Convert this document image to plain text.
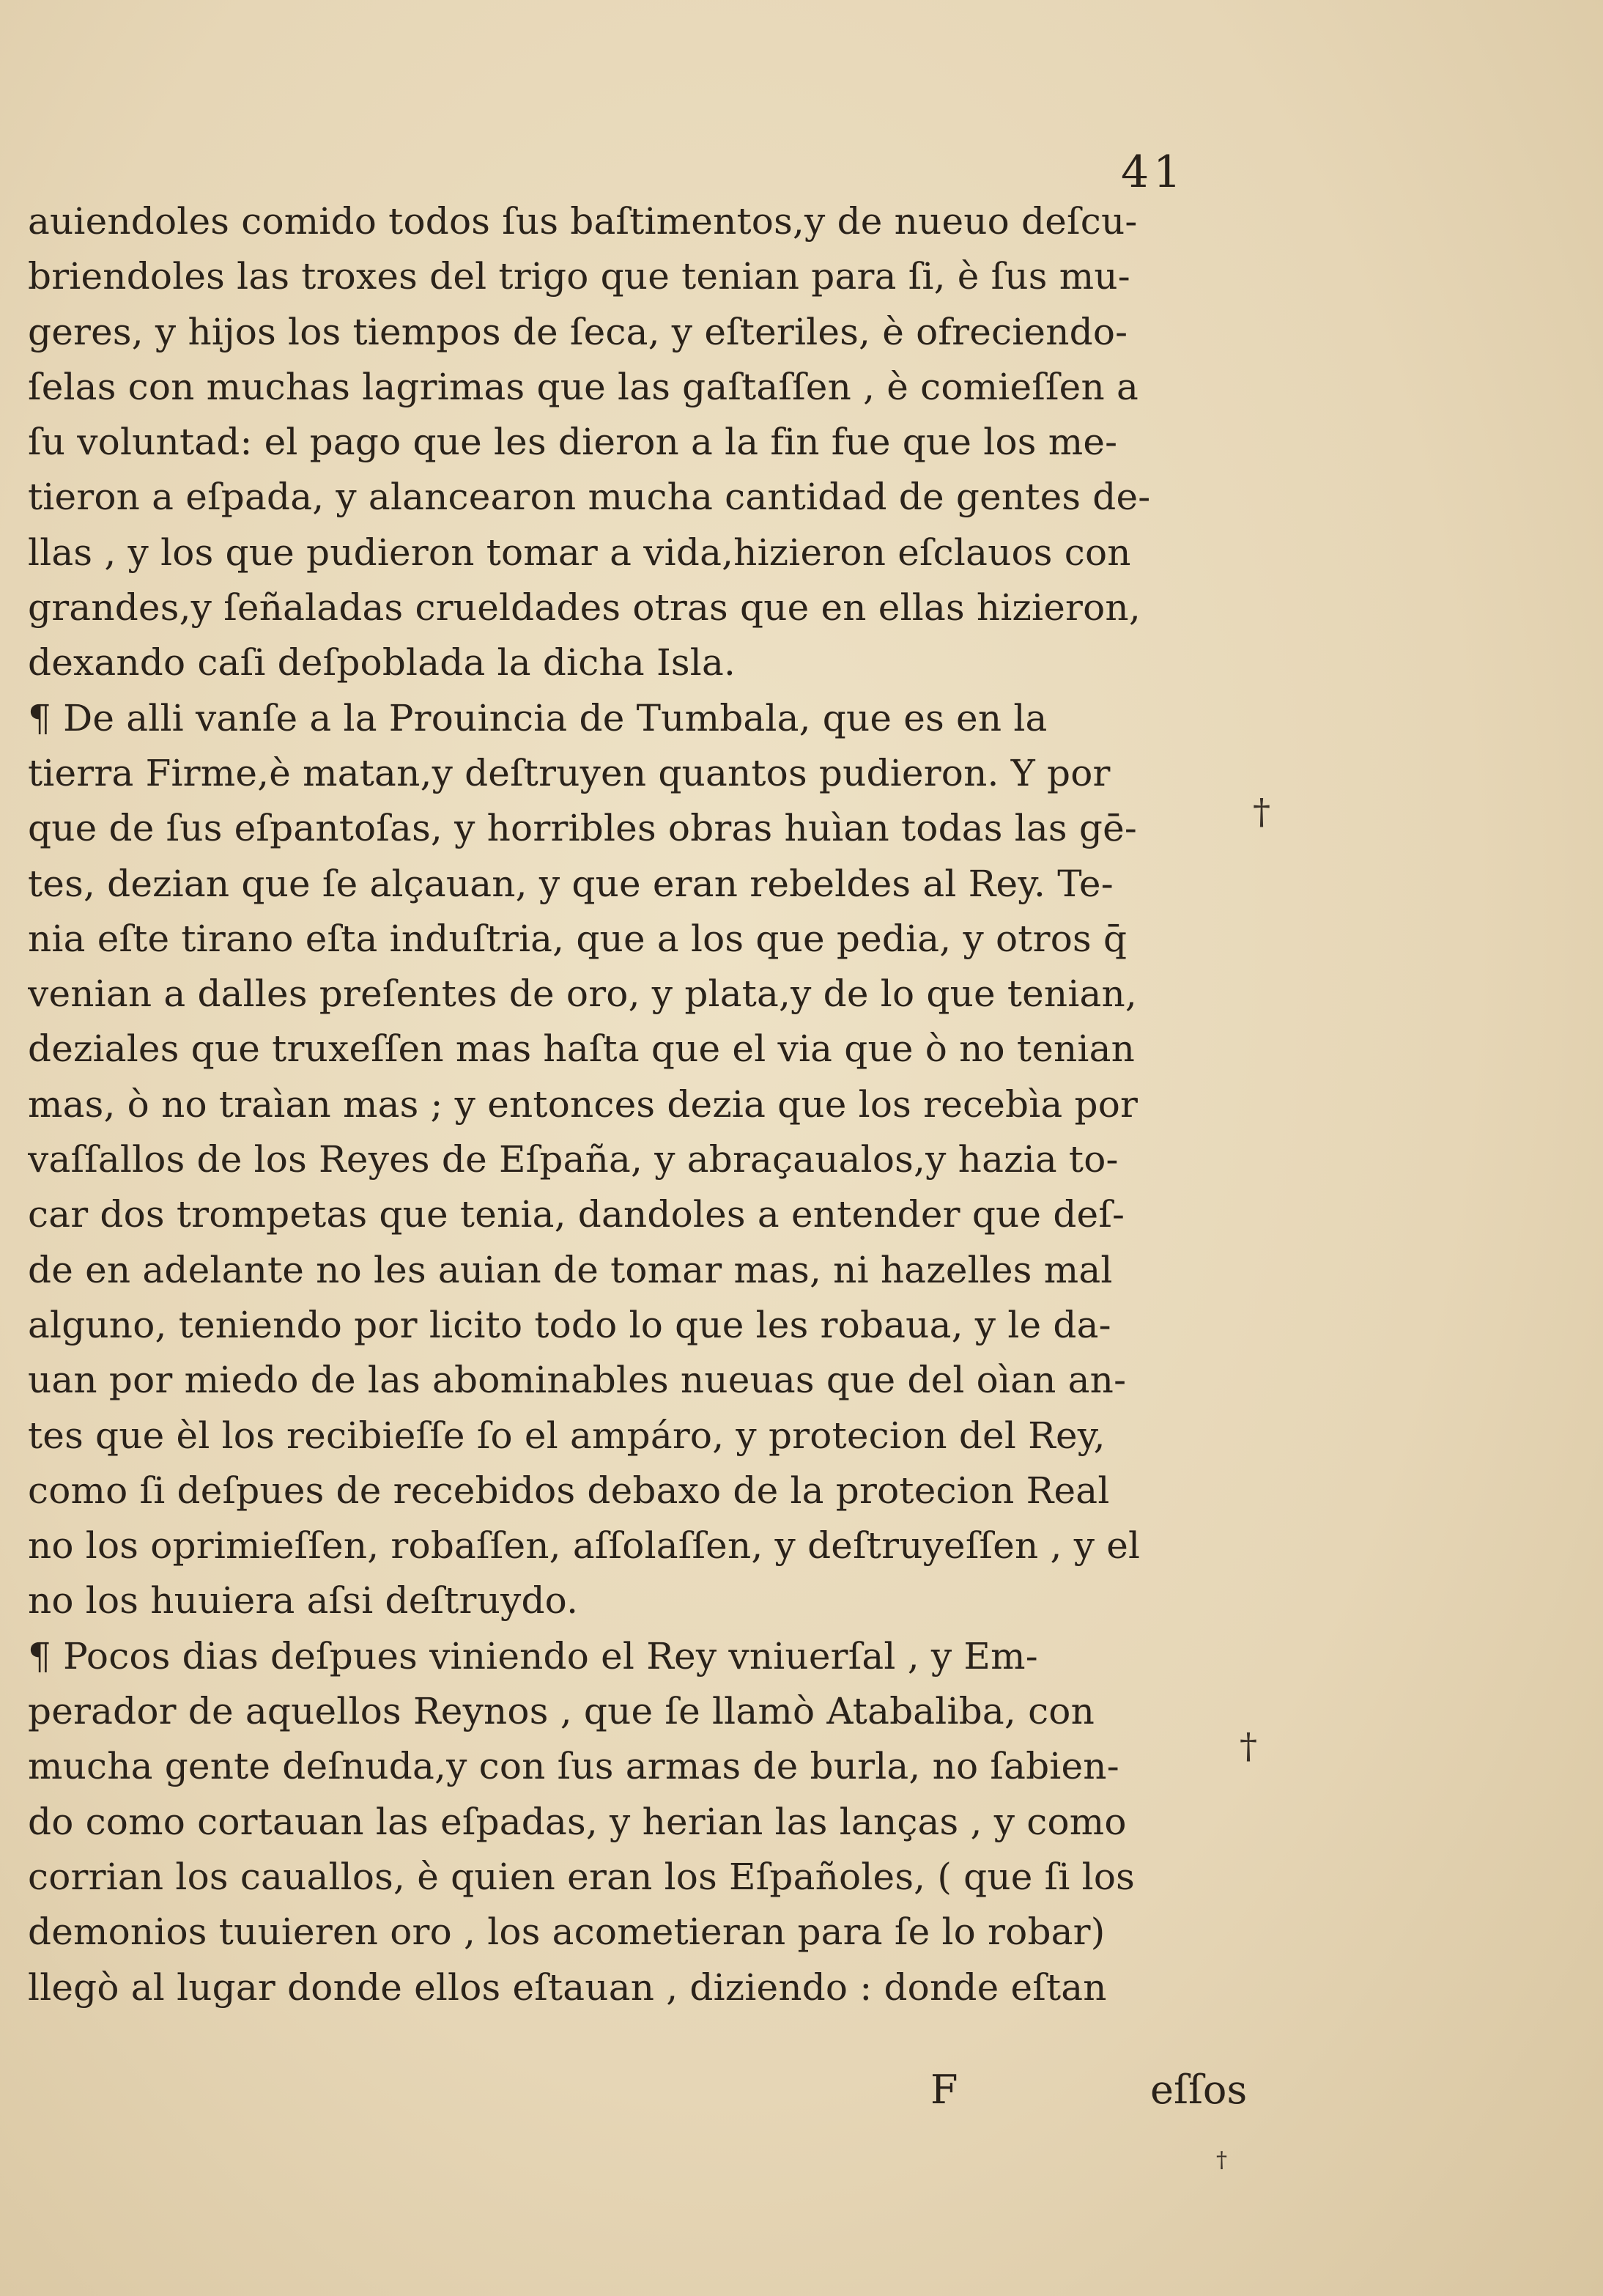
41
auiendoles comido todos ſus baſtimentos,y de nueuo deſcu-
briendoles las troxes del trigo que tenian para ſi, è ſus mu-
geres, y hijos los tiempos de ſeca, y eſteriles, è ofreciendo-
ſelas con muchas lagrimas que las gaſtaſſen , è comieſſen a
ſu voluntad: el pago que les dieron a la fin fue que los me-
tieron a eſpada, y alancearon mucha cantidad de gentes de-
llas , y los que pudieron tomar a vida,hizieron eſclauos con
grandes,y ſeñaladas crueldades otras que en ellas hizieron,
dexando caſi deſpoblada la dicha Isla.
¶ De alli vanſe a la Prouincia de Tumbala, que es en la
tierra Firme,è matan,y deſtruyen quantos pudieron. Y por
que de ſus eſpantoſas, y horribles obras huìan todas las gē-
tes, dezian que ſe alçauan, y que eran rebeldes al Rey. Te-
nia eſte tirano eſta induſtria, que a los que pedia, y otros q̄
venian a dalles preſentes de oro, y plata,y de lo que tenian,
deziales que truxeſſen mas haſta que el via que ò no tenian
mas, ò no traìan mas ; y entonces dezia que los recebìa por
vaſſallos de los Reyes de Eſpaña, y abraçaualos,y hazia to-
car dos trompetas que tenia, dandoles a entender que deſ-
de en adelante no les auian de tomar mas, ni hazelles mal
alguno, teniendo por licito todo lo que les robaua, y le da-
uan por miedo de las abominables nueuas que del oìan an-
tes que èl los recibieſſe ſo el ampáro, y protecion del Rey,
como ſi deſpues de recebidos debaxo de la protecion Real
no los oprimieſſen, robaſſen, aſſolaſſen, y deſtruyeſſen , y el
no los huuiera aſsi deſtruydo.
¶ Pocos dias deſpues viniendo el Rey vniuerſal , y Em-
perador de aquellos Reynos , que ſe llamò Atabaliba, con
mucha gente deſnuda,y con ſus armas de burla, no ſabien-
do como cortauan las eſpadas, y herian las lanças , y como
corrian los cauallos, è quien eran los Eſpañoles, ( que ſi los
demonios tuuieren oro , los acometieran para ſe lo robar)
llegò al lugar donde ellos eſtauan , diziendo : donde eſtan
†
†
†
F	eſſos
